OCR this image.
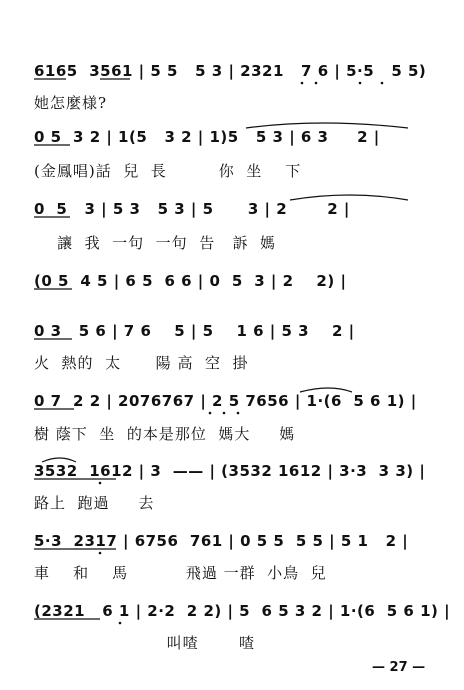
6165  3561 | 5 5   5 3 | 2321   7 6 | 5·5   5 5)
她怎麼様?
0 5  3 2 | 1(5   3 2 | 1)5   5 3 | 6 3     2 |
(金鳳唱)話  兒  長         你  坐    下
0  5   3 | 5 3   5 3 | 5      3 | 2       2 |
讓  我  一句  一句  告   訴  媽
(0 5  4 5 | 6 5  6 6 | 0  5  3 | 2    2) |
0 3   5 6 | 7 6    5 | 5    1 6 | 5 3    2 |
火  熱的  太      陽 高  空  掛
0 7  2 2 | 2076767 | 2 5 7656 | 1·(6  5 6 1) |
樹 蔭下  坐  的本是那位  媽大     媽
3532  1612 | 3  —— | (3532 1612 | 3·3  3 3) |
路上  跑過     去
5·3  2317 | 6756  761 | 0 5 5  5 5 | 5 1   2 |
車    和    馬          飛過 一群  小鳥  兒
(2321   6 1 | 2·2  2 2) | 5  6 5 3 2 | 1·(6  5 6 1) |
叫喳       喳
— 27 —
